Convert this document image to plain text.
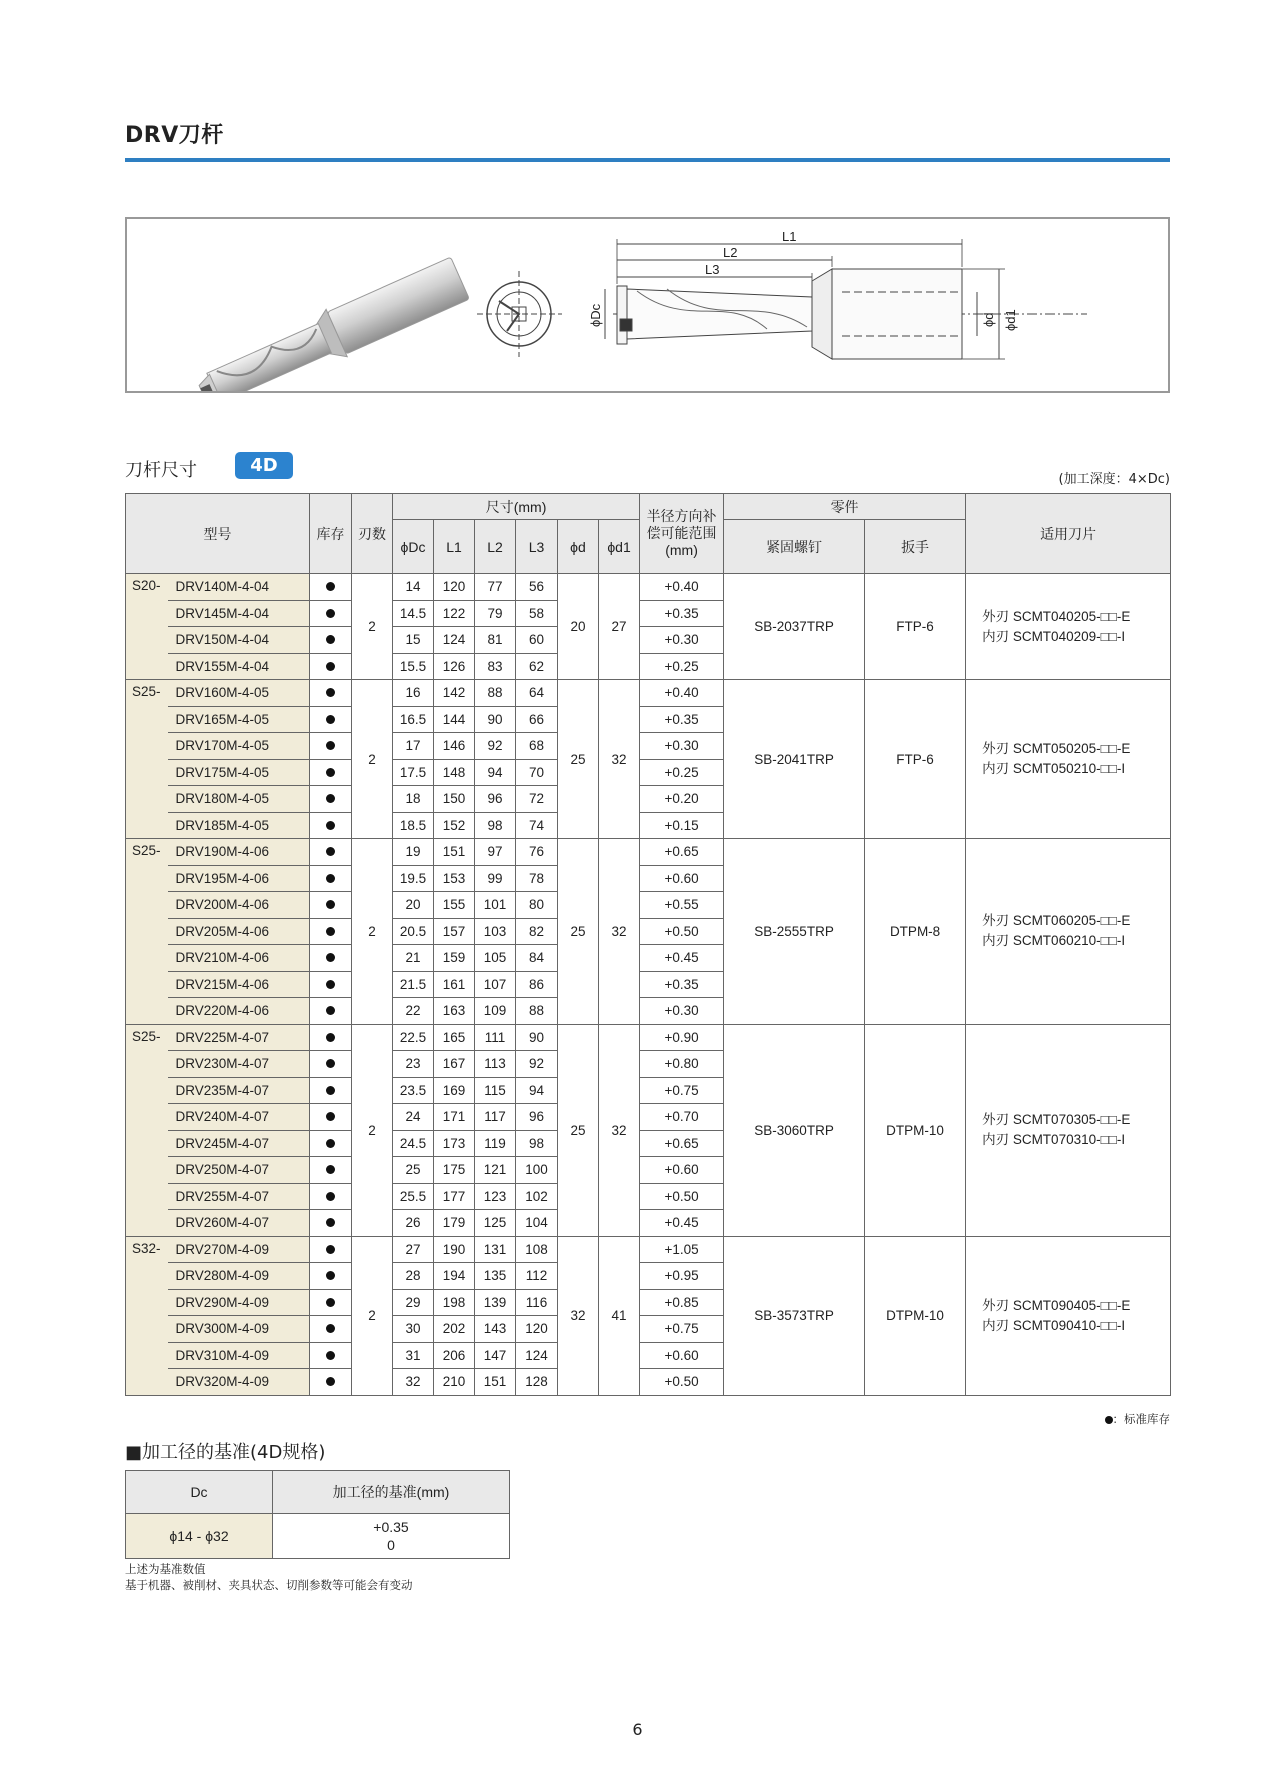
DRV刀杆
L1
L2
L3
ϕDc	ϕd ϕd1
刀杆尺寸	4D
(加工深度：4×Dc)
型号		库存	刃数	尺寸(mm)						半径方向补偿可能范围(mm)	零件		适用刀片
				ϕDc	L1	L2	L3	ϕd	ϕd1		紧固螺钉	扳手	
S20-	DRV140M-4-04		2	14	120	77	56	20	27	+0.40	SB-2037TRP	FTP-6	外刃 SCMT040205-□□-E
内刃 SCMT040209-□□-I

	DRV145M-4-04			14.5	122	79	58			+0.35			
	DRV150M-4-04			15	124	81	60			+0.30			
	DRV155M-4-04			15.5	126	83	62			+0.25			
S25-	DRV160M-4-05		2	16	142	88	64	25	32	+0.40	SB-2041TRP	FTP-6	外刃 SCMT050205-□□-E
内刃 SCMT050210-□□-I

	DRV165M-4-05			16.5	144	90	66			+0.35			
	DRV170M-4-05			17	146	92	68			+0.30			
	DRV175M-4-05			17.5	148	94	70			+0.25			
	DRV180M-4-05			18	150	96	72			+0.20			
	DRV185M-4-05			18.5	152	98	74			+0.15			
S25-	DRV190M-4-06		2	19	151	97	76	25	32	+0.65	SB-2555TRP	DTPM-8	外刃 SCMT060205-□□-E
内刃 SCMT060210-□□-I

	DRV195M-4-06			19.5	153	99	78			+0.60			
	DRV200M-4-06			20	155	101	80			+0.55			
	DRV205M-4-06			20.5	157	103	82			+0.50			
	DRV210M-4-06			21	159	105	84			+0.45			
	DRV215M-4-06			21.5	161	107	86			+0.35			
	DRV220M-4-06			22	163	109	88			+0.30			
S25-	DRV225M-4-07		2	22.5	165	111	90	25	32	+0.90	SB-3060TRP	DTPM-10	外刃 SCMT070305-□□-E
内刃 SCMT070310-□□-I

	DRV230M-4-07			23	167	113	92			+0.80			
	DRV235M-4-07			23.5	169	115	94			+0.75			
	DRV240M-4-07			24	171	117	96			+0.70			
	DRV245M-4-07			24.5	173	119	98			+0.65			
	DRV250M-4-07			25	175	121	100			+0.60			
	DRV255M-4-07			25.5	177	123	102			+0.50			
	DRV260M-4-07			26	179	125	104			+0.45			
S32-	DRV270M-4-09		2	27	190	131	108	32	41	+1.05	SB-3573TRP	DTPM-10	外刃 SCMT090405-□□-E
内刃 SCMT090410-□□-I

	DRV280M-4-09			28	194	135	112			+0.95			
	DRV290M-4-09			29	198	139	116			+0.85			
	DRV300M-4-09			30	202	143	120			+0.75			
	DRV310M-4-09			31	206	147	124			+0.60			
	DRV320M-4-09			32	210	151	128			+0.50			
：标准库存
■加工径的基准(4D规格)
Dc	加工径的基准(mm)
ϕ14 - ϕ32	+0.35
0
上述为基准数值
基于机器、被削材、夹具状态、切削参数等可能会有变动
6
